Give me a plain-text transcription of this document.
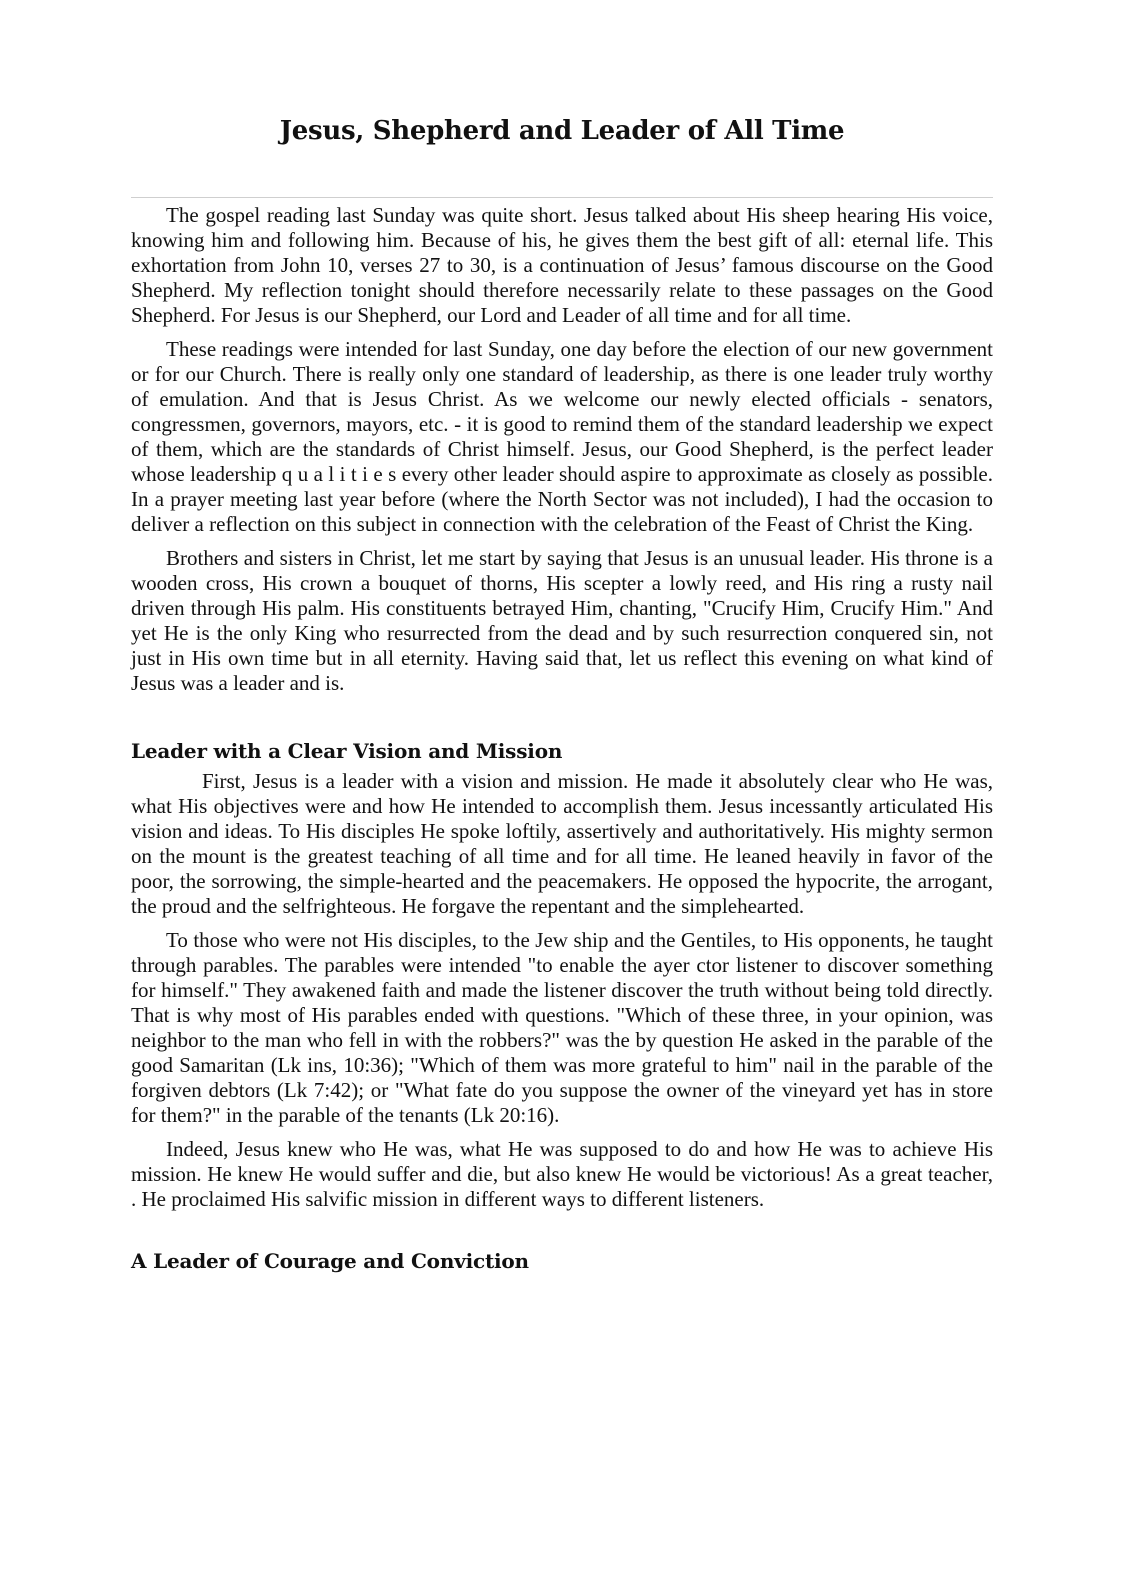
Jesus, Shepherd and Leader of All Time

The gospel reading last Sunday was quite short. Jesus talked about His sheep hearing His voice, knowing him and following him. Because of his, he gives them the best gift of all: eternal life. This exhortation from John 10, verses 27 to 30, is a continuation of Jesus’ famous discourse on the Good Shepherd. My reflection tonight should therefore necessarily relate to these passages on the Good Shepherd. For Jesus is our Shepherd, our Lord and Leader of all time and for all time.

These readings were intended for last Sunday, one day before the election of our new government or for our Church. There is really only one standard of leadership, as there is one leader truly worthy of emulation. And that is Jesus Christ. As we welcome our newly elected officials - senators, congressmen, governors, mayors, etc. - it is good to remind them of the standard leadership we expect of them, which are the standards of Christ himself. Jesus, our Good Shepherd, is the perfect leader whose leadership q u a l i t i e s every other leader should aspire to approximate as closely as possible. In a prayer meeting last year before (where the North Sector was not included), I had the occasion to deliver a reflection on this subject in connection with the celebration of the Feast of Christ the King.

Brothers and sisters in Christ, let me start by saying that Jesus is an unusual leader. His throne is a wooden cross, His crown a bouquet of thorns, His scepter a lowly reed, and His ring a rusty nail driven through His palm. His constituents betrayed Him, chanting, "Crucify Him, Crucify Him." And yet He is the only King who resurrected from the dead and by such resurrection conquered sin, not just in His own time but in all eternity. Having said that, let us reflect this evening on what kind of Jesus was a leader and is.

Leader with a Clear Vision and Mission

First, Jesus is a leader with a vision and mission. He made it absolutely clear who He was, what His objectives were and how He intended to accomplish them. Jesus incessantly articulated His vision and ideas. To His disciples He spoke loftily, assertively and authoritatively. His mighty sermon on the mount is the greatest teaching of all time and for all time. He leaned heavily in favor of the poor, the sorrowing, the simple-hearted and the peacemakers. He opposed the hypocrite, the arrogant, the proud and the selfrighteous. He forgave the repentant and the simplehearted.

To those who were not His disciples, to the Jew ship and the Gentiles, to His opponents, he taught through parables. The parables were intended "to enable the ayer ctor listener to discover something for himself." They awakened faith and made the listener discover the truth without being told directly. That is why most of His parables ended with questions. "Which of these three, in your opinion, was neighbor to the man who fell in with the robbers?" was the by question He asked in the parable of the good Samaritan (Lk ins, 10:36); "Which of them was more grateful to him" nail in the parable of the forgiven debtors (Lk 7:42); or "What fate do you suppose the owner of the vineyard yet has in store for them?" in the parable of the tenants (Lk 20:16).

Indeed, Jesus knew who He was, what He was supposed to do and how He was to achieve His mission. He knew He would suffer and die, but also knew He would be victorious! As a great teacher, . He proclaimed His salvific mission in different ways to different listeners.

A Leader of Courage and Conviction
